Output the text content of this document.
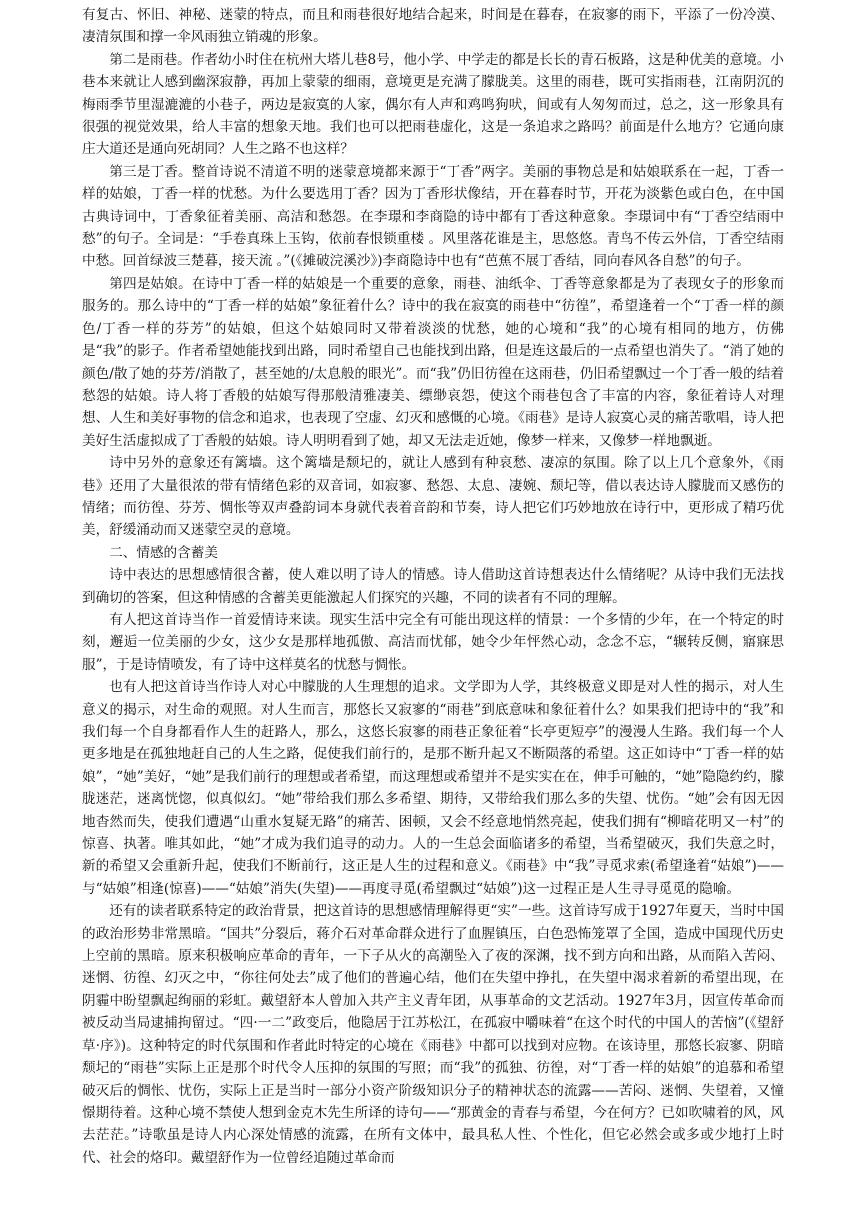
有复古、怀旧、神秘、迷蒙的特点，而且和雨巷很好地结合起来，时间是在暮春，在寂寥的雨下，平添了一份冷漠、凄清氛围和撑一伞风雨独立销魂的形象。

第二是雨巷。作者幼小时住在杭州大塔儿巷8号，他小学、中学走的都是长长的青石板路，这是种优美的意境。小巷本来就让人感到幽深寂静，再加上蒙蒙的细雨，意境更是充满了朦胧美。这里的雨巷，既可实指雨巷，江南阴沉的梅雨季节里湿漉漉的小巷子，两边是寂寞的人家，偶尔有人声和鸡鸣狗吠，间或有人匆匆而过，总之，这一形象具有很强的视觉效果，给人丰富的想象天地。我们也可以把雨巷虚化，这是一条追求之路吗？前面是什么地方？它通向康庄大道还是通向死胡同？人生之路不也这样？

第三是丁香。整首诗说不清道不明的迷蒙意境都来源于“丁香”两字。美丽的事物总是和姑娘联系在一起，丁香一样的姑娘，丁香一样的忧愁。为什么要选用丁香？因为丁香形状像结，开在暮春时节，开花为淡紫色或白色，在中国古典诗词中，丁香象征着美丽、高洁和愁怨。在李璟和李商隐的诗中都有丁香这种意象。李璟词中有“丁香空结雨中愁”的句子。全词是：“手卷真珠上玉钩，依前春恨锁重楼 。风里落花谁是主，思悠悠。青鸟不传云外信，丁香空结雨中愁。回首绿波三楚暮，接天流 。”(《摊破浣溪沙》)李商隐诗中也有“芭蕉不展丁香结，同向春风各自愁”的句子。

第四是姑娘。在诗中丁香一样的姑娘是一个重要的意象，雨巷、油纸伞、丁香等意象都是为了表现女子的形象而服务的。那么诗中的“丁香一样的姑娘”象征着什么？诗中的我在寂寞的雨巷中“彷徨”，希望逢着一个“丁香一样的颜色/丁香一样的芬芳”的姑娘，但这个姑娘同时又带着淡淡的忧愁，她的心境和“我”的心境有相同的地方，仿佛是“我”的影子。作者希望她能找到出路，同时希望自己也能找到出路，但是连这最后的一点希望也消失了。“消了她的颜色/散了她的芬芳/消散了，甚至她的/太息般的眼光”。而“我”仍旧彷徨在这雨巷，仍旧希望飘过一个丁香一般的结着愁怨的姑娘。诗人将丁香般的姑娘写得那般清雅凄美、缥缈哀怨，使这个雨巷包含了丰富的内容，象征着诗人对理想、人生和美好事物的信念和追求，也表现了空虚、幻灭和感慨的心境。《雨巷》是诗人寂寞心灵的痛苦歌唱，诗人把美好生活虚拟成了丁香般的姑娘。诗人明明看到了她，却又无法走近她，像梦一样来，又像梦一样地飘逝。

诗中另外的意象还有篱墙。这个篱墙是颓圮的，就让人感到有种哀愁、凄凉的氛围。除了以上几个意象外，《雨巷》还用了大量很浓的带有情绪色彩的双音词，如寂寥、愁怨、太息、凄婉、颓圮等，借以表达诗人朦胧而又感伤的情绪；而彷徨、芬芳、惆怅等双声叠韵词本身就代表着音韵和节奏，诗人把它们巧妙地放在诗行中，更形成了精巧优美，舒缓涌动而又迷蒙空灵的意境。

二、情感的含蓄美

诗中表达的思想感情很含蓄，使人难以明了诗人的情感。诗人借助这首诗想表达什么情绪呢？从诗中我们无法找到确切的答案，但这种情感的含蓄美更能激起人们探究的兴趣，不同的读者有不同的理解。

有人把这首诗当作一首爱情诗来读。现实生活中完全有可能出现这样的情景：一个多情的少年，在一个特定的时刻，邂逅一位美丽的少女，这少女是那样地孤傲、高洁而忧郁，她令少年怦然心动，念念不忘，“辗转反侧，寤寐思服”，于是诗情喷发，有了诗中这样莫名的忧愁与惆怅。

也有人把这首诗当作诗人对心中朦胧的人生理想的追求。文学即为人学，其终极意义即是对人性的揭示，对人生意义的揭示，对生命的观照。对人生而言，那悠长又寂寥的“雨巷”到底意味和象征着什么？如果我们把诗中的“我”和我们每一个自身都看作人生的赶路人，那么，这悠长寂寥的雨巷正象征着“长亭更短亭”的漫漫人生路。我们每一个人更多地是在孤独地赶自己的人生之路，促使我们前行的，是那不断升起又不断陨落的希望。这正如诗中“丁香一样的姑娘”，“她”美好，“她”是我们前行的理想或者希望，而这理想或希望并不是实实在在，伸手可触的，“她”隐隐约约，朦胧迷茫，迷离恍惚，似真似幻。“她”带给我们那么多希望、期待，又带给我们那么多的失望、忧伤。“她”会有因无因地杳然而失，使我们遭遇“山重水复疑无路”的痛苦、困顿，又会不经意地悄然亮起，使我们拥有“柳暗花明又一村”的惊喜、执著。唯其如此，“她”才成为我们追寻的动力。人的一生总会面临诸多的希望，当希望破灭，我们失意之时，新的希望又会重新升起，使我们不断前行，这正是人生的过程和意义。《雨巷》中“我”寻觅求索(希望逢着“姑娘”)——与“姑娘”相逢(惊喜)——“姑娘”消失(失望)——再度寻觅(希望飘过“姑娘”)这一过程正是人生寻寻觅觅的隐喻。

还有的读者联系特定的政治背景，把这首诗的思想感情理解得更“实”一些。这首诗写成于1927年夏天，当时中国的政治形势非常黑暗。“国共”分裂后，蒋介石对革命群众进行了血腥镇压，白色恐怖笼罩了全国，造成中国现代历史上空前的黑暗。原来积极响应革命的青年，一下子从火的高潮坠入了夜的深渊，找不到方向和出路，从而陷入苦闷、迷惘、彷徨、幻灭之中，“你往何处去”成了他们的普遍心结，他们在失望中挣扎，在失望中渴求着新的希望出现，在阴霾中盼望飘起绚丽的彩虹。戴望舒本人曾加入共产主义青年团，从事革命的文艺活动。1927年3月，因宣传革命而被反动当局逮捕拘留过。“四·一二”政变后，他隐居于江苏松江，在孤寂中嚼味着“在这个时代的中国人的苦恼”(《望舒草·序》)。这种特定的时代氛围和作者此时特定的心境在《雨巷》中都可以找到对应物。在该诗里，那悠长寂寥、阴暗颓圮的“雨巷”实际上正是那个时代令人压抑的氛围的写照；而“我”的孤独、彷徨，对“丁香一样的姑娘”的追慕和希望破灭后的惆怅、忧伤，实际上正是当时一部分小资产阶级知识分子的精神状态的流露——苦闷、迷惘、失望着，又憧憬期待着。这种心境不禁使人想到金克木先生所译的诗句——“那黄金的青春与希望，今在何方？已如吹啸着的风，风去茫茫。”诗歌虽是诗人内心深处情感的流露，在所有文体中，最具私人性、个性化，但它必然会或多或少地打上时代、社会的烙印。戴望舒作为一位曾经追随过革命而
